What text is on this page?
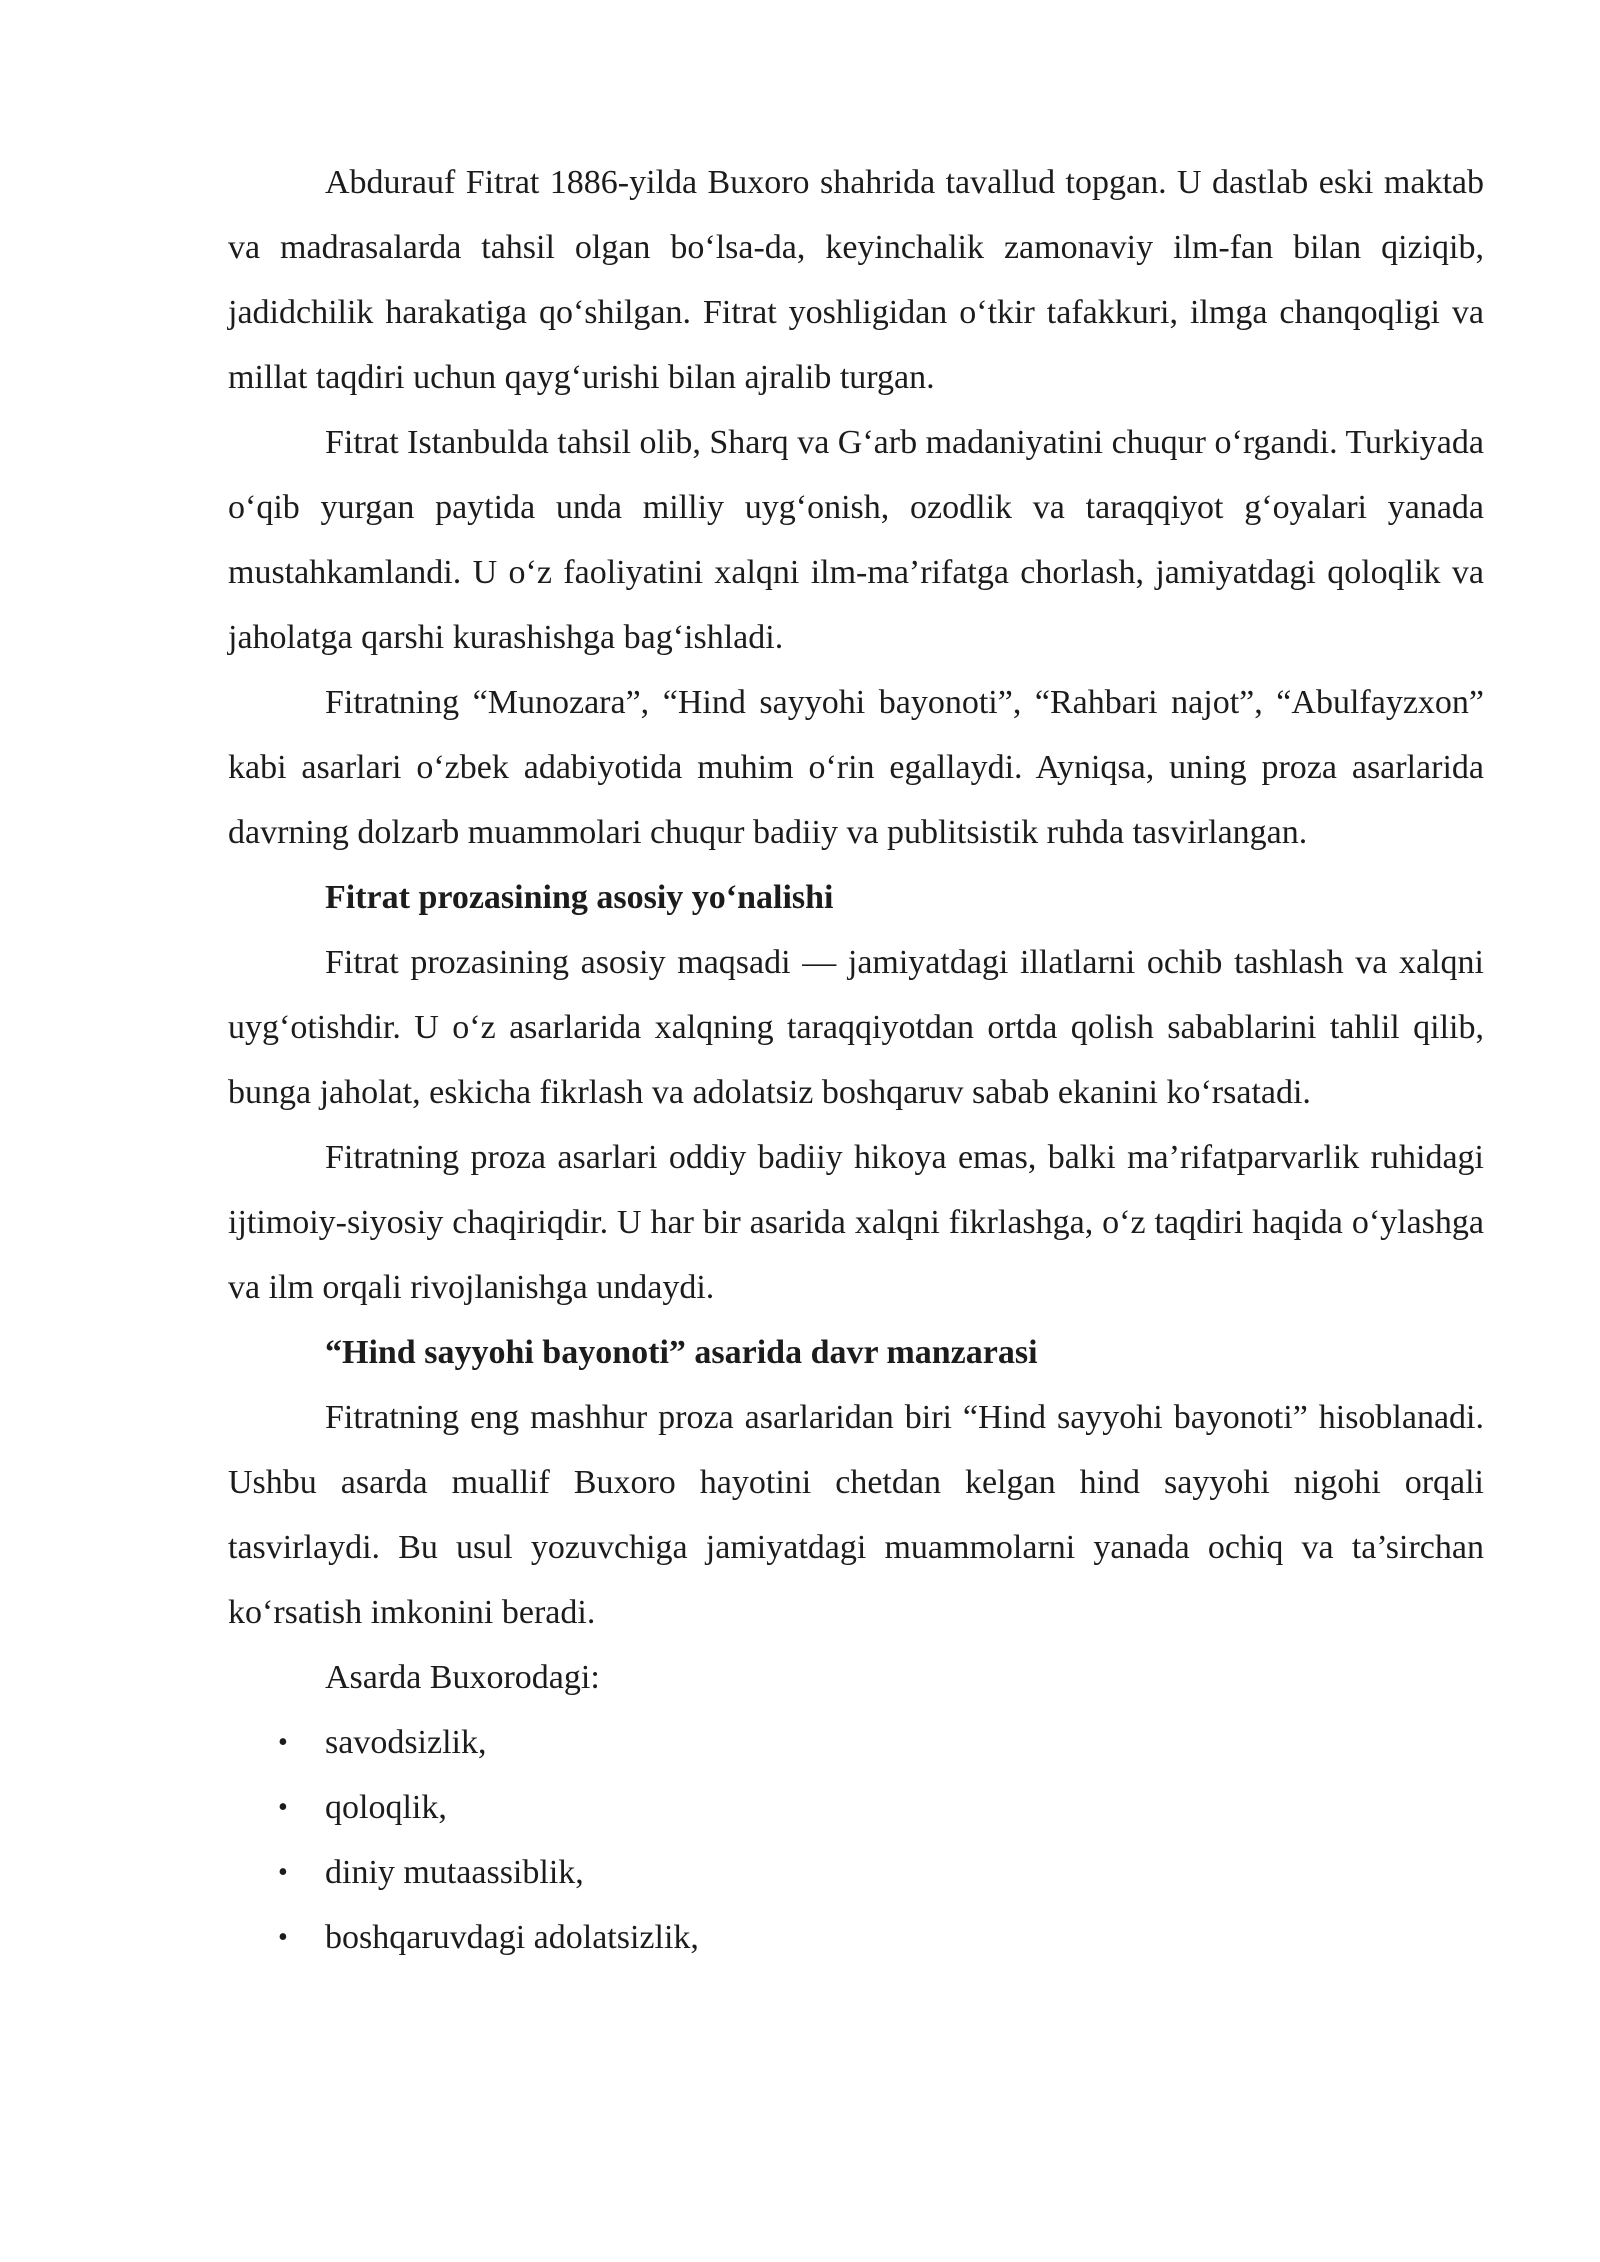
Abdurauf Fitrat 1886-yilda Buxoro shahrida tavallud topgan. U dastlab eski maktab va madrasalarda tahsil olgan bo‘lsa-da, keyinchalik zamonaviy ilm-fan bilan qiziqib, jadidchilik harakatiga qo‘shilgan. Fitrat yoshligidan o‘tkir tafakkuri, ilmga chanqoqligi va millat taqdiri uchun qayg‘urishi bilan ajralib turgan.

Fitrat Istanbulda tahsil olib, Sharq va G‘arb madaniyatini chuqur o‘rgandi. Turkiyada o‘qib yurgan paytida unda milliy uyg‘onish, ozodlik va taraqqiyot g‘oyalari yanada mustahkamlandi. U o‘z faoliyatini xalqni ilm-ma’rifatga chorlash, jamiyatdagi qoloqlik va jaholatga qarshi kurashishga bag‘ishladi.

Fitratning “Munozara”, “Hind sayyohi bayonoti”, “Rahbari najot”, “Abulfayzxon” kabi asarlari o‘zbek adabiyotida muhim o‘rin egallaydi. Ayniqsa, uning proza asarlarida davrning dolzarb muammolari chuqur badiiy va publitsistik ruhda tasvirlangan.

Fitrat prozasining asosiy yo‘nalishi

Fitrat prozasining asosiy maqsadi — jamiyatdagi illatlarni ochib tashlash va xalqni uyg‘otishdir. U o‘z asarlarida xalqning taraqqiyotdan ortda qolish sabablarini tahlil qilib, bunga jaholat, eskicha fikrlash va adolatsiz boshqaruv sabab ekanini ko‘rsatadi.

Fitratning proza asarlari oddiy badiiy hikoya emas, balki ma’rifatparvarlik ruhidagi ijtimoiy-siyosiy chaqiriqdir. U har bir asarida xalqni fikrlashga, o‘z taqdiri haqida o‘ylashga va ilm orqali rivojlanishga undaydi.

“Hind sayyohi bayonoti” asarida davr manzarasi

Fitratning eng mashhur proza asarlaridan biri “Hind sayyohi bayonoti” hisoblanadi. Ushbu asarda muallif Buxoro hayotini chetdan kelgan hind sayyohi nigohi orqali tasvirlaydi. Bu usul yozuvchiga jamiyatdagi muammolarni yanada ochiq va ta’sirchan ko‘rsatish imkonini beradi.

Asarda Buxorodagi:

• savodsizlik,
• qoloqlik,
• diniy mutaassiblik,
• boshqaruvdagi adolatsizlik,
